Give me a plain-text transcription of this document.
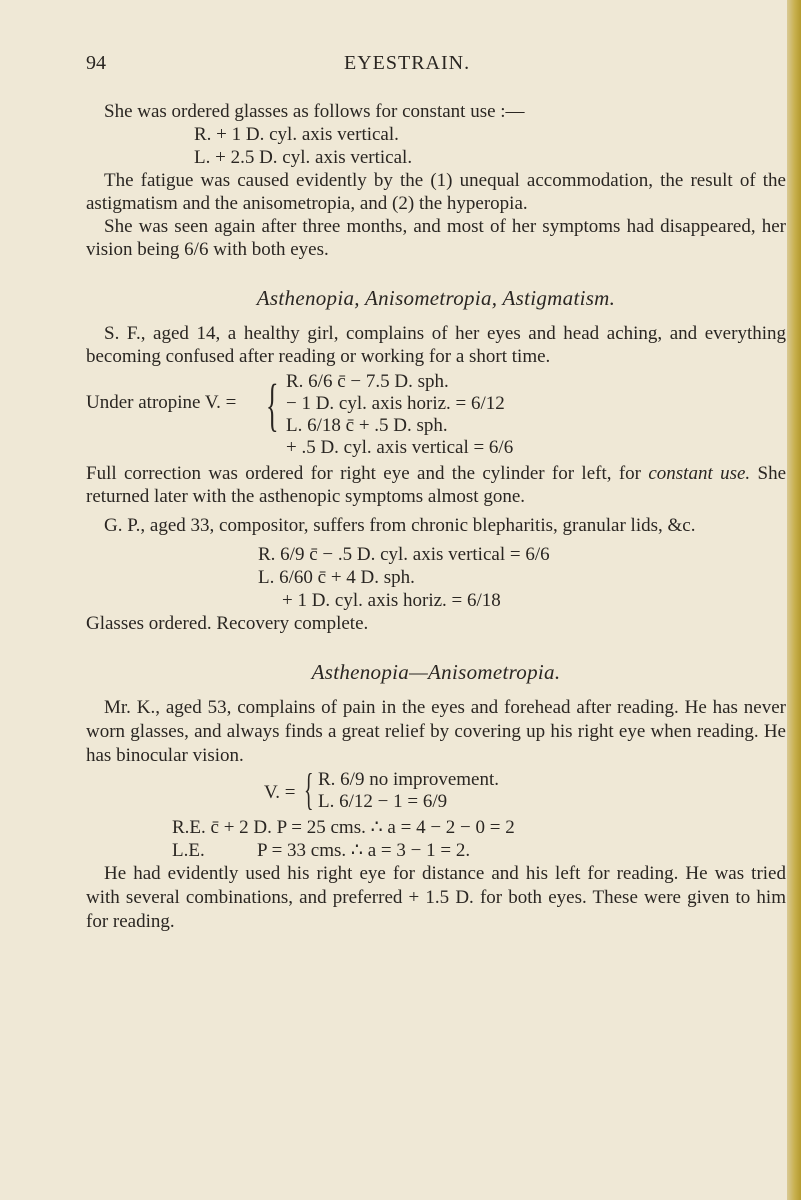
94	EYESTRAIN.

She was ordered glasses as follows for constant use :—

R. + 1 D. cyl. axis vertical.
L. + 2.5 D. cyl. axis vertical.

The fatigue was caused evidently by the (1) unequal accommodation, the result of the astigmatism and the anisometropia, and (2) the hyperopia.

She was seen again after three months, and most of her symptoms had disappeared, her vision being 6/6 with both eyes.

Asthenopia, Anisometropia, Astigmatism.

S. F., aged 14, a healthy girl, complains of her eyes and head aching, and everything becoming confused after reading or working for a short time.

Under atropine V. = { R. 6/6 c̄ − 7.5 D. sph.
− 1 D. cyl. axis horiz. = 6/12
L. 6/18 c̄ + .5 D. sph.
+ .5 D. cyl. axis vertical = 6/6

Full correction was ordered for right eye and the cylinder for left, for constant use. She returned later with the asthenopic symptoms almost gone.

G. P., aged 33, compositor, suffers from chronic blepharitis, granular lids, &c.

R. 6/9 c̄ − .5 D. cyl. axis vertical = 6/6
L. 6/60 c̄ + 4 D. sph.
+ 1 D. cyl. axis horiz. = 6/18

Glasses ordered. Recovery complete.

Asthenopia—Anisometropia.

Mr. K., aged 53, complains of pain in the eyes and forehead after reading. He has never worn glasses, and always finds a great relief by covering up his right eye when reading. He has binocular vision.

V. = { R. 6/9 no improvement.
L. 6/12 − 1 = 6/9
R.E. c̄ + 2 D. P = 25 cms. ∴ a = 4 − 2 − 0 = 2
L.E.           P = 33 cms. ∴ a = 3 − 1 = 2.

He had evidently used his right eye for distance and his left for reading. He was tried with several combinations, and preferred + 1.5 D. for both eyes. These were given to him for reading.
